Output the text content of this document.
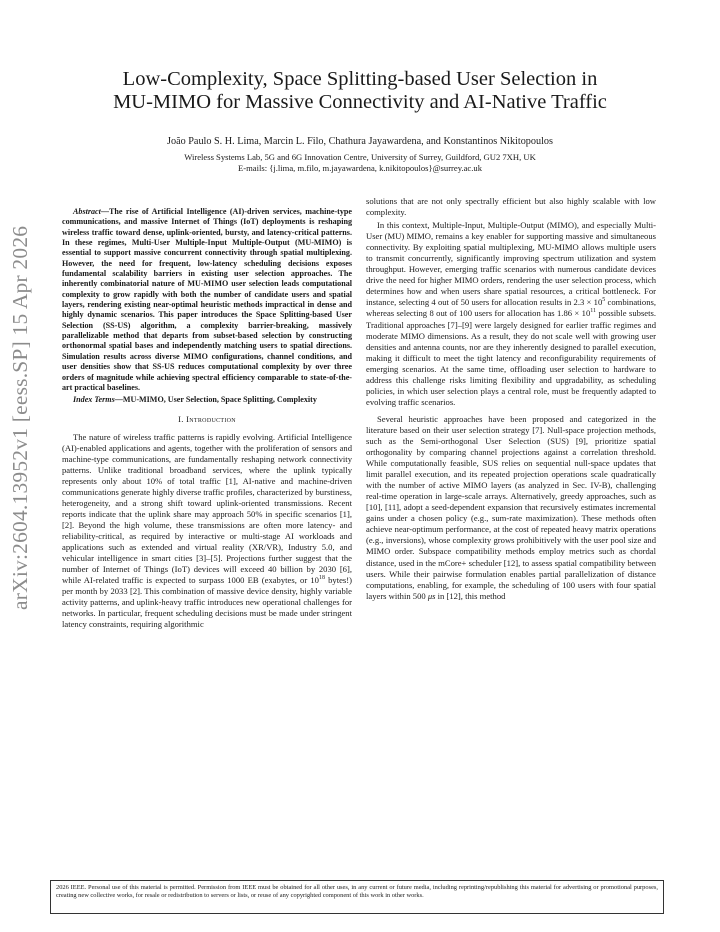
arXiv:2604.13952v1 [eess.SP] 15 Apr 2026
Low-Complexity, Space Splitting-based User Selection in
MU-MIMO for Massive Connectivity and AI-Native Traffic
João Paulo S. H. Lima, Marcin L. Filo, Chathura Jayawardena, and Konstantinos Nikitopoulos
Wireless Systems Lab, 5G and 6G Innovation Centre, University of Surrey, Guildford, GU2 7XH, UK
E-mails: {j.lima, m.filo, m.jayawardena, k.nikitopoulos}@surrey.ac.uk

Abstract—The rise of Artificial Intelligence (AI)-driven services, machine-type communications, and massive Internet of Things (IoT) deployments is reshaping wireless traffic toward dense, uplink-oriented, bursty, and latency-critical patterns. In these regimes, Multi-User Multiple-Input Multiple-Output (MU-MIMO) is essential to support massive concurrent connectivity through spatial multiplexing. However, the need for frequent, low-latency scheduling decisions exposes fundamental scalability barriers in existing user selection approaches. The inherently combinatorial nature of MU-MIMO user selection leads computational complexity to grow rapidly with both the number of candidate users and spatial layers, rendering existing near-optimal heuristic methods impractical in dense and highly dynamic scenarios. This paper introduces the Space Splitting-based User Selection (SS-US) algorithm, a complexity barrier-breaking, massively parallelizable method that departs from subset-based selection by constructing orthonormal spatial bases and independently matching users to spatial directions. Simulation results across diverse MIMO configurations, channel conditions, and user densities show that SS-US reduces computational complexity by over three orders of magnitude while achieving spectral efficiency comparable to state-of-the-art practical baselines.

Index Terms—MU-MIMO, User Selection, Space Splitting, Complexity

I. Introduction

The nature of wireless traffic patterns is rapidly evolving. Artificial Intelligence (AI)-enabled applications and agents, together with the proliferation of sensors and machine-type communications, are fundamentally reshaping network connectivity patterns. Unlike traditional broadband services, where the uplink typically represents only about 10% of total traffic [1], AI-native and machine-driven communications generate highly diverse traffic profiles, characterized by burstiness, heterogeneity, and a strong shift toward uplink-oriented transmissions. Recent reports indicate that the uplink share may approach 50% in specific scenarios [1], [2]. Beyond the high volume, these transmissions are often more latency- and reliability-critical, as required by interactive or multi-stage AI workloads and applications such as extended and virtual reality (XR/VR), Industry 5.0, and vehicular intelligence in smart cities [3]–[5]. Projections further suggest that the number of Internet of Things (IoT) devices will exceed 40 billion by 2030 [6], while AI-related traffic is expected to surpass 1000 EB (exabytes, or $10^{18}$ bytes!) per month by 2033 [2]. This combination of massive device density, highly variable activity patterns, and uplink-heavy traffic introduces new operational challenges for networks. In particular, frequent scheduling decisions must be made under stringent latency constraints, requiring algorithmic

solutions that are not only spectrally efficient but also highly scalable with low complexity.

In this context, Multiple-Input, Multiple-Output (MIMO), and especially Multi-User (MU) MIMO, remains a key enabler for supporting massive and simultaneous connectivity. By exploiting spatial multiplexing, MU-MIMO allows multiple users to transmit concurrently, significantly improving spectrum utilization and system throughput. However, emerging traffic scenarios with numerous candidate devices drive the need for higher MIMO orders, rendering the user selection process, which determines how and when users share spatial resources, a critical bottleneck. For instance, selecting 4 out of 50 users for allocation results in $2.3 \times 10^5$ combinations, whereas selecting 8 out of 100 users for allocation has $1.86 \times 10^{11}$ possible subsets. Traditional approaches [7]–[9] were largely designed for earlier traffic regimes and moderate MIMO dimensions. As a result, they do not scale well with growing user densities and antenna counts, nor are they inherently designed to parallel execution, making it difficult to meet the tight latency and reconfigurability requirements of emerging scenarios. At the same time, offloading user selection to hardware to address this challenge risks limiting flexibility and upgradability, as scheduling policies, in which user selection plays a central role, must be frequently adapted to evolving traffic scenarios.

Several heuristic approaches have been proposed and categorized in the literature based on their user selection strategy [7]. Null-space projection methods, such as the Semi-orthogonal User Selection (SUS) [9], prioritize spatial orthogonality by comparing channel projections against a correlation threshold. While computationally feasible, SUS relies on sequential null-space updates that limit parallel execution, and its repeated projection operations scale quadratically with the number of active MIMO layers (as analyzed in Sec. IV-B), challenging real-time operation in large-scale arrays. Alternatively, greedy approaches, such as [10], [11], adopt a seed-dependent expansion that recursively estimates incremental gains under a chosen policy (e.g., sum-rate maximization). These methods often achieve near-optimum performance, at the cost of repeated heavy matrix operations (e.g., inversions), whose complexity grows prohibitively with the user pool size and MIMO order. Subspace compatibility methods employ metrics such as chordal distance, used in the mCore+ scheduler [12], to assess spatial compatibility between users. While their pairwise formulation enables partial parallelization of distance computations, enabling, for example, the scheduling of 100 users with four spatial layers within 500 μs in [12], this method

2026 IEEE. Personal use of this material is permitted. Permission from IEEE must be obtained for all other uses, in any current or future media, including reprinting/republishing this material for advertising or promotional purposes, creating new collective works, for resale or redistribution to servers or lists, or reuse of any copyrighted component of this work in other works.
